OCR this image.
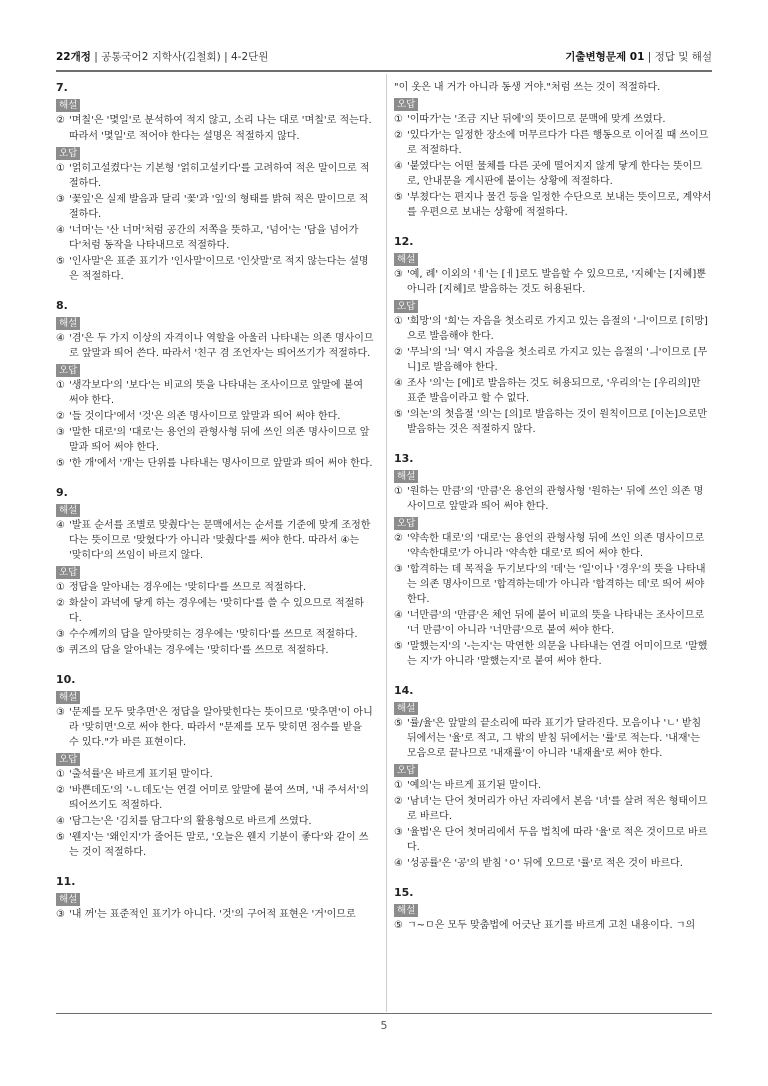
22개정 | 공통국어2 지학사(김철회) | 4-2단원	기출변형문제 01 | 정답 및 해설
7.
해설
② '며칠'은 '몇일'로 분석하여 적지 않고, 소리 나는 대로 '며칠'로 적는다.
따라서 '몇일'로 적어야 한다는 설명은 적절하지 않다.
오답
① '얽히고설켰다'는 기본형 '얽히고설키다'를 고려하여 적은 말이므로 적절하다.
③ '꽃잎'은 실제 발음과 달리 '꽃'과 '잎'의 형태를 밝혀 적은 말이므로 적절하다.
④ '너머'는 '산 너머'처럼 공간의 저쪽을 뜻하고, '넘어'는 '담을 넘어가다'처럼 동작을 나타내므로 적절하다.
⑤ '인사말'은 표준 표기가 '인사말'이므로 '인삿말'로 적지 않는다는 설명은 적절하다.
8.
해설
④ '겸'은 두 가지 이상의 자격이나 역할을 아울러 나타내는 의존 명사이므로 앞말과 띄어 쓴다. 따라서 '친구 겸 조언자'는 띄어쓰기가 적절하다.
오답
① '생각보다'의 '보다'는 비교의 뜻을 나타내는 조사이므로 앞말에 붙여 써야 한다.
② '들 것이다'에서 '것'은 의존 명사이므로 앞말과 띄어 써야 한다.
③ '말한 대로'의 '대로'는 용언의 관형사형 뒤에 쓰인 의존 명사이므로 앞말과 띄어 써야 한다.
⑤ '한 개'에서 '개'는 단위를 나타내는 명사이므로 앞말과 띄어 써야 한다.
9.
해설
④ '발표 순서를 조별로 맞췄다'는 문맥에서는 순서를 기준에 맞게 조정한다는 뜻이므로 '맞혔다'가 아니라 '맞췄다'를 써야 한다. 따라서 ④는 '맞히다'의 쓰임이 바르지 않다.
오답
① 정답을 알아내는 경우에는 '맞히다'를 쓰므로 적절하다.
② 화살이 과녁에 닿게 하는 경우에는 '맞히다'를 쓸 수 있으므로 적절하다.
③ 수수께끼의 답을 알아맞히는 경우에는 '맞히다'를 쓰므로 적절하다.
⑤ 퀴즈의 답을 알아내는 경우에는 '맞히다'를 쓰므로 적절하다.
10.
해설
③ '문제를 모두 맞추면'은 정답을 알아맞힌다는 뜻이므로 '맞추면'이 아니라 '맞히면'으로 써야 한다. 따라서 "문제를 모두 맞히면 점수를 받을 수 있다."가 바른 표현이다.
오답
① '출석률'은 바르게 표기된 말이다.
② '바쁜데도'의 '-ㄴ데도'는 연결 어미로 앞말에 붙여 쓰며, '내 주셔서'의 띄어쓰기도 적절하다.
④ '담그는'은 '김치를 담그다'의 활용형으로 바르게 쓰였다.
⑤ '웬지'는 '왜인지'가 줄어든 말로, '오늘은 웬지 기분이 좋다'와 같이 쓰는 것이 적절하다.
11.
해설
③ '내 꺼'는 표준적인 표기가 아니다. '것'의 구어적 표현은 '거'이므로
"이 옷은 내 거가 아니라 동생 거야."처럼 쓰는 것이 적절하다.
오답
① '이따가'는 '조금 지난 뒤에'의 뜻이므로 문맥에 맞게 쓰였다.
② '있다가'는 일정한 장소에 머무르다가 다른 행동으로 이어질 때 쓰이므로 적절하다.
④ '붙였다'는 어떤 물체를 다른 곳에 떨어지지 않게 닿게 한다는 뜻이므로, 안내문을 게시판에 붙이는 상황에 적절하다.
⑤ '부쳤다'는 편지나 물건 등을 일정한 수단으로 보내는 뜻이므로, 계약서를 우편으로 보내는 상황에 적절하다.
12.
해설
③ '예, 례' 이외의 'ㅖ'는 [ㅔ]로도 발음할 수 있으므로, '지혜'는 [지혜]뿐 아니라 [지헤]로 발음하는 것도 허용된다.
오답
① '희망'의 '희'는 자음을 첫소리로 가지고 있는 음절의 'ㅢ'이므로 [히망]으로 발음해야 한다.
② '무늬'의 '늬' 역시 자음을 첫소리로 가지고 있는 음절의 'ㅢ'이므로 [무니]로 발음해야 한다.
④ 조사 '의'는 [에]로 발음하는 것도 허용되므로, '우리의'는 [우리의]만 표준 발음이라고 할 수 없다.
⑤ '의논'의 첫음절 '의'는 [의]로 발음하는 것이 원칙이므로 [이논]으로만 발음하는 것은 적절하지 않다.
13.
해설
① '원하는 만큼'의 '만큼'은 용언의 관형사형 '원하는' 뒤에 쓰인 의존 명사이므로 앞말과 띄어 써야 한다.
오답
② '약속한 대로'의 '대로'는 용언의 관형사형 뒤에 쓰인 의존 명사이므로 '약속한대로'가 아니라 '약속한 대로'로 띄어 써야 한다.
③ '합격하는 데 목적을 두기보다'의 '데'는 '일'이나 '경우'의 뜻을 나타내는 의존 명사이므로 '합격하는데'가 아니라 '합격하는 데'로 띄어 써야 한다.
④ '너만큼'의 '만큼'은 체언 뒤에 붙어 비교의 뜻을 나타내는 조사이므로 '너 만큼'이 아니라 '너만큼'으로 붙여 써야 한다.
⑤ '말했는지'의 '-는지'는 막연한 의문을 나타내는 연결 어미이므로 '말했는 지'가 아니라 '말했는지'로 붙여 써야 한다.
14.
해설
⑤ '률/율'은 앞말의 끝소리에 따라 표기가 달라진다. 모음이나 'ㄴ' 받침 뒤에서는 '율'로 적고, 그 밖의 받침 뒤에서는 '률'로 적는다. '내재'는 모음으로 끝나므로 '내재률'이 아니라 '내재율'로 써야 한다.
오답
① '예의'는 바르게 표기된 말이다.
② '남녀'는 단어 첫머리가 아닌 자리에서 본음 '녀'를 살려 적은 형태이므로 바르다.
③ '율법'은 단어 첫머리에서 두음 법칙에 따라 '율'로 적은 것이므로 바르다.
④ '성공률'은 '공'의 받침 'ㅇ' 뒤에 오므로 '률'로 적은 것이 바르다.
15.
해설
⑤ ㄱ~ㅁ은 모두 맞춤법에 어긋난 표기를 바르게 고친 내용이다. ㄱ의
5
